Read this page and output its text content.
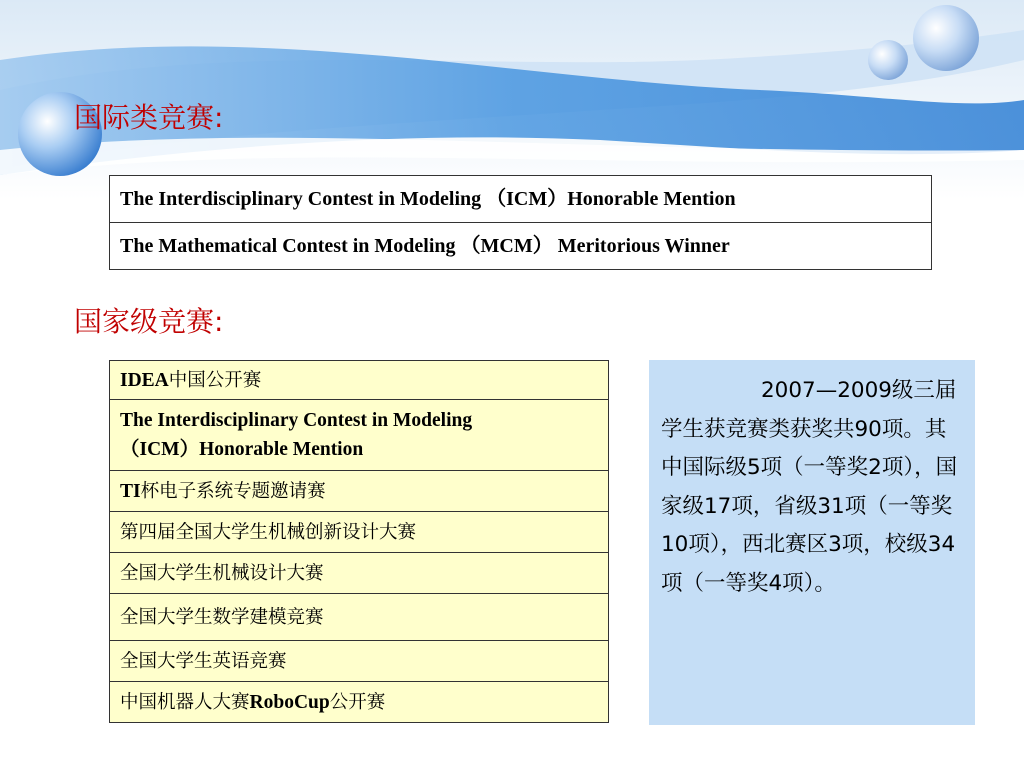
国际类竞赛:
The Interdisciplinary Contest in Modeling （ICM）Honorable Mention
The Mathematical Contest in Modeling （MCM） Meritorious Winner
国家级竞赛:
IDEA中国公开赛
The Interdisciplinary Contest in Modeling
（ICM）Honorable Mention
TI杯电子系统专题邀请赛
第四届全国大学生机械创新设计大赛
全国大学生机械设计大赛
全国大学生数学建模竞赛
全国大学生英语竞赛
中国机器人大赛RoboCup公开赛

2007—2009级三届学生获竞赛类获奖共90项。其中国际级5项（一等奖2项），国家级17项，省级31项（一等奖10项），西北赛区3项，校级34项（一等奖4项）。
